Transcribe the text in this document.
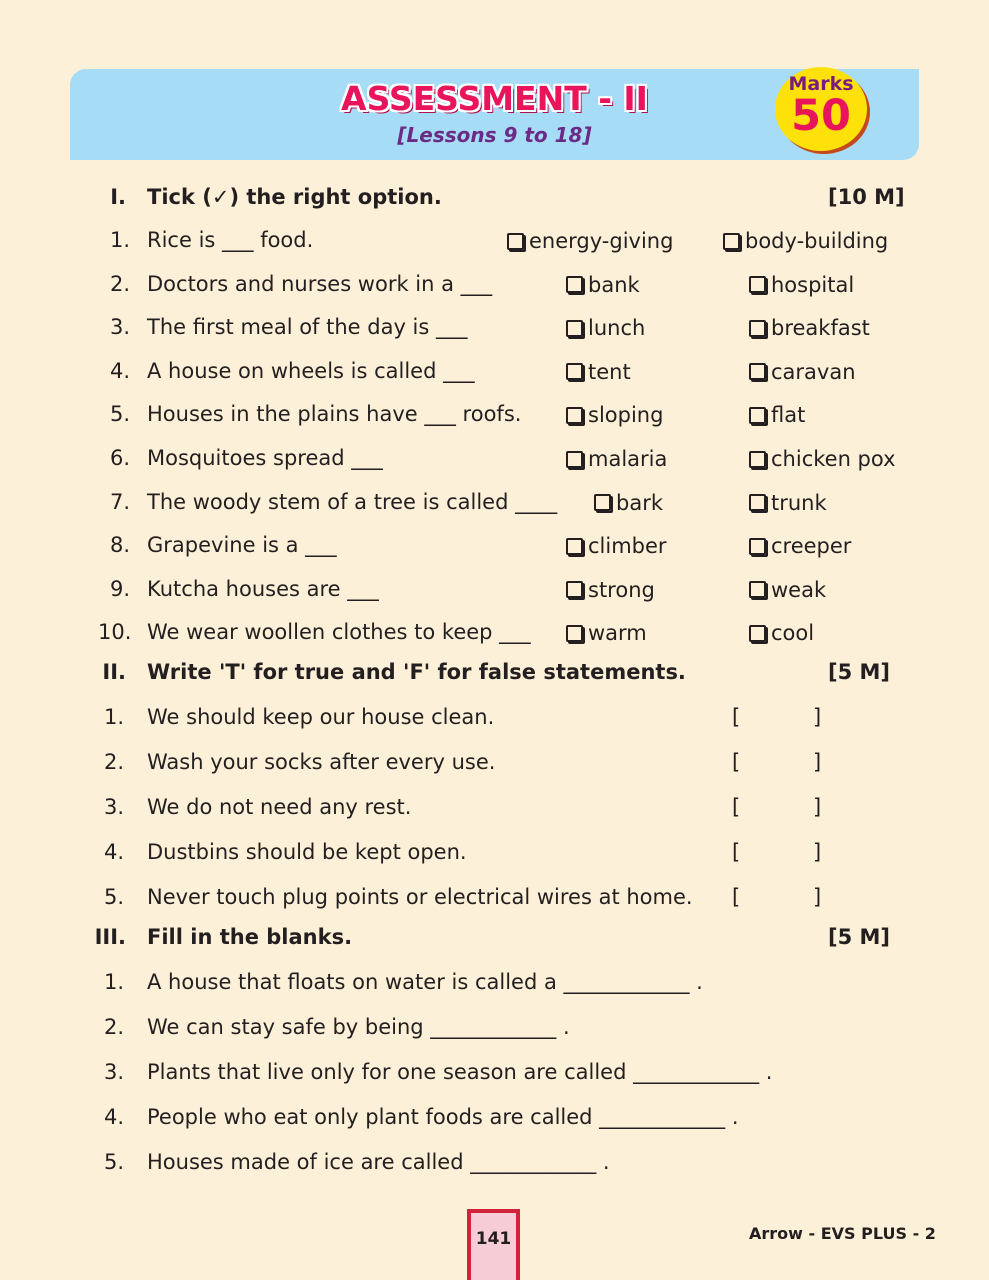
ASSESSMENT - II
[Lessons 9 to 18]
Marks
50
I. Tick (✓) the right option.	[10 M]
1. Rice is ___ food.	energy-giving	body-building
2. Doctors and nurses work in a ___	bank	hospital
3. The first meal of the day is ___	lunch	breakfast
4. A house on wheels is called ___	tent	caravan
5. Houses in the plains have ___ roofs.	sloping	flat
6. Mosquitoes spread ___	malaria	chicken pox
7. The woody stem of a tree is called ____	bark	trunk
8. Grapevine is a ___	climber	creeper
9. Kutcha houses are ___	strong	weak
10. We wear woollen clothes to keep ___	warm	cool
II. Write 'T' for true and 'F' for false statements.	[5 M]
1. We should keep our house clean.	[	]
2. Wash your socks after every use.	[	]
3. We do not need any rest.	[	]
4. Dustbins should be kept open.	[	]
5. Never touch plug points or electrical wires at home. [	]
III. Fill in the blanks.	[5 M]
1. A house that floats on water is called a ____________ .
2. We can stay safe by being ____________ .
3. Plants that live only for one season are called ____________ .
4. People who eat only plant foods are called ____________ .
5. Houses made of ice are called ____________ .
141	Arrow - EVS PLUS - 2
